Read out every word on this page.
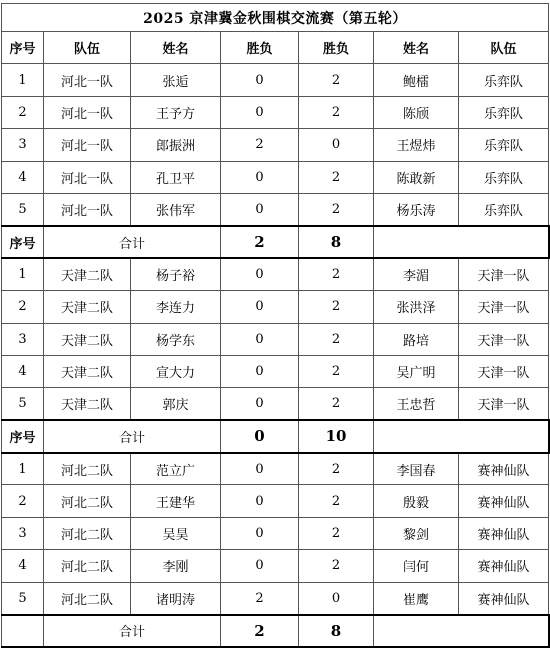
2025 京津冀金秋围棋交流赛（第五轮）						
序号	队伍	姓名	胜负	胜负	姓名	队伍
1	河北一队	张逅	0	2	鲍檑	乐弈队
2	河北一队	王予方	0	2	陈颀	乐弈队
3	河北一队	郎振洲	2	0	王煜炜	乐弈队
4	河北一队	孔卫平	0	2	陈敢新	乐弈队
5	河北一队	张伟军	0	2	杨乐涛	乐弈队
序号	合计		2	8		
1	天津二队	杨子裕	0	2	李湄	天津一队
2	天津二队	李连力	0	2	张洪泽	天津一队
3	天津二队	杨学东	0	2	路培	天津一队
4	天津二队	宣大力	0	2	吴广明	天津一队
5	天津二队	郭庆	0	2	王忠哲	天津一队
序号	合计		0	10		
1	河北二队	范立广	0	2	李国春	赛神仙队
2	河北二队	王建华	0	2	殷毅	赛神仙队
3	河北二队	吴昊	0	2	黎剑	赛神仙队
4	河北二队	李刚	0	2	闫何	赛神仙队
5	河北二队	诸明涛	2	0	崔鹰	赛神仙队
	合计		2	8		
